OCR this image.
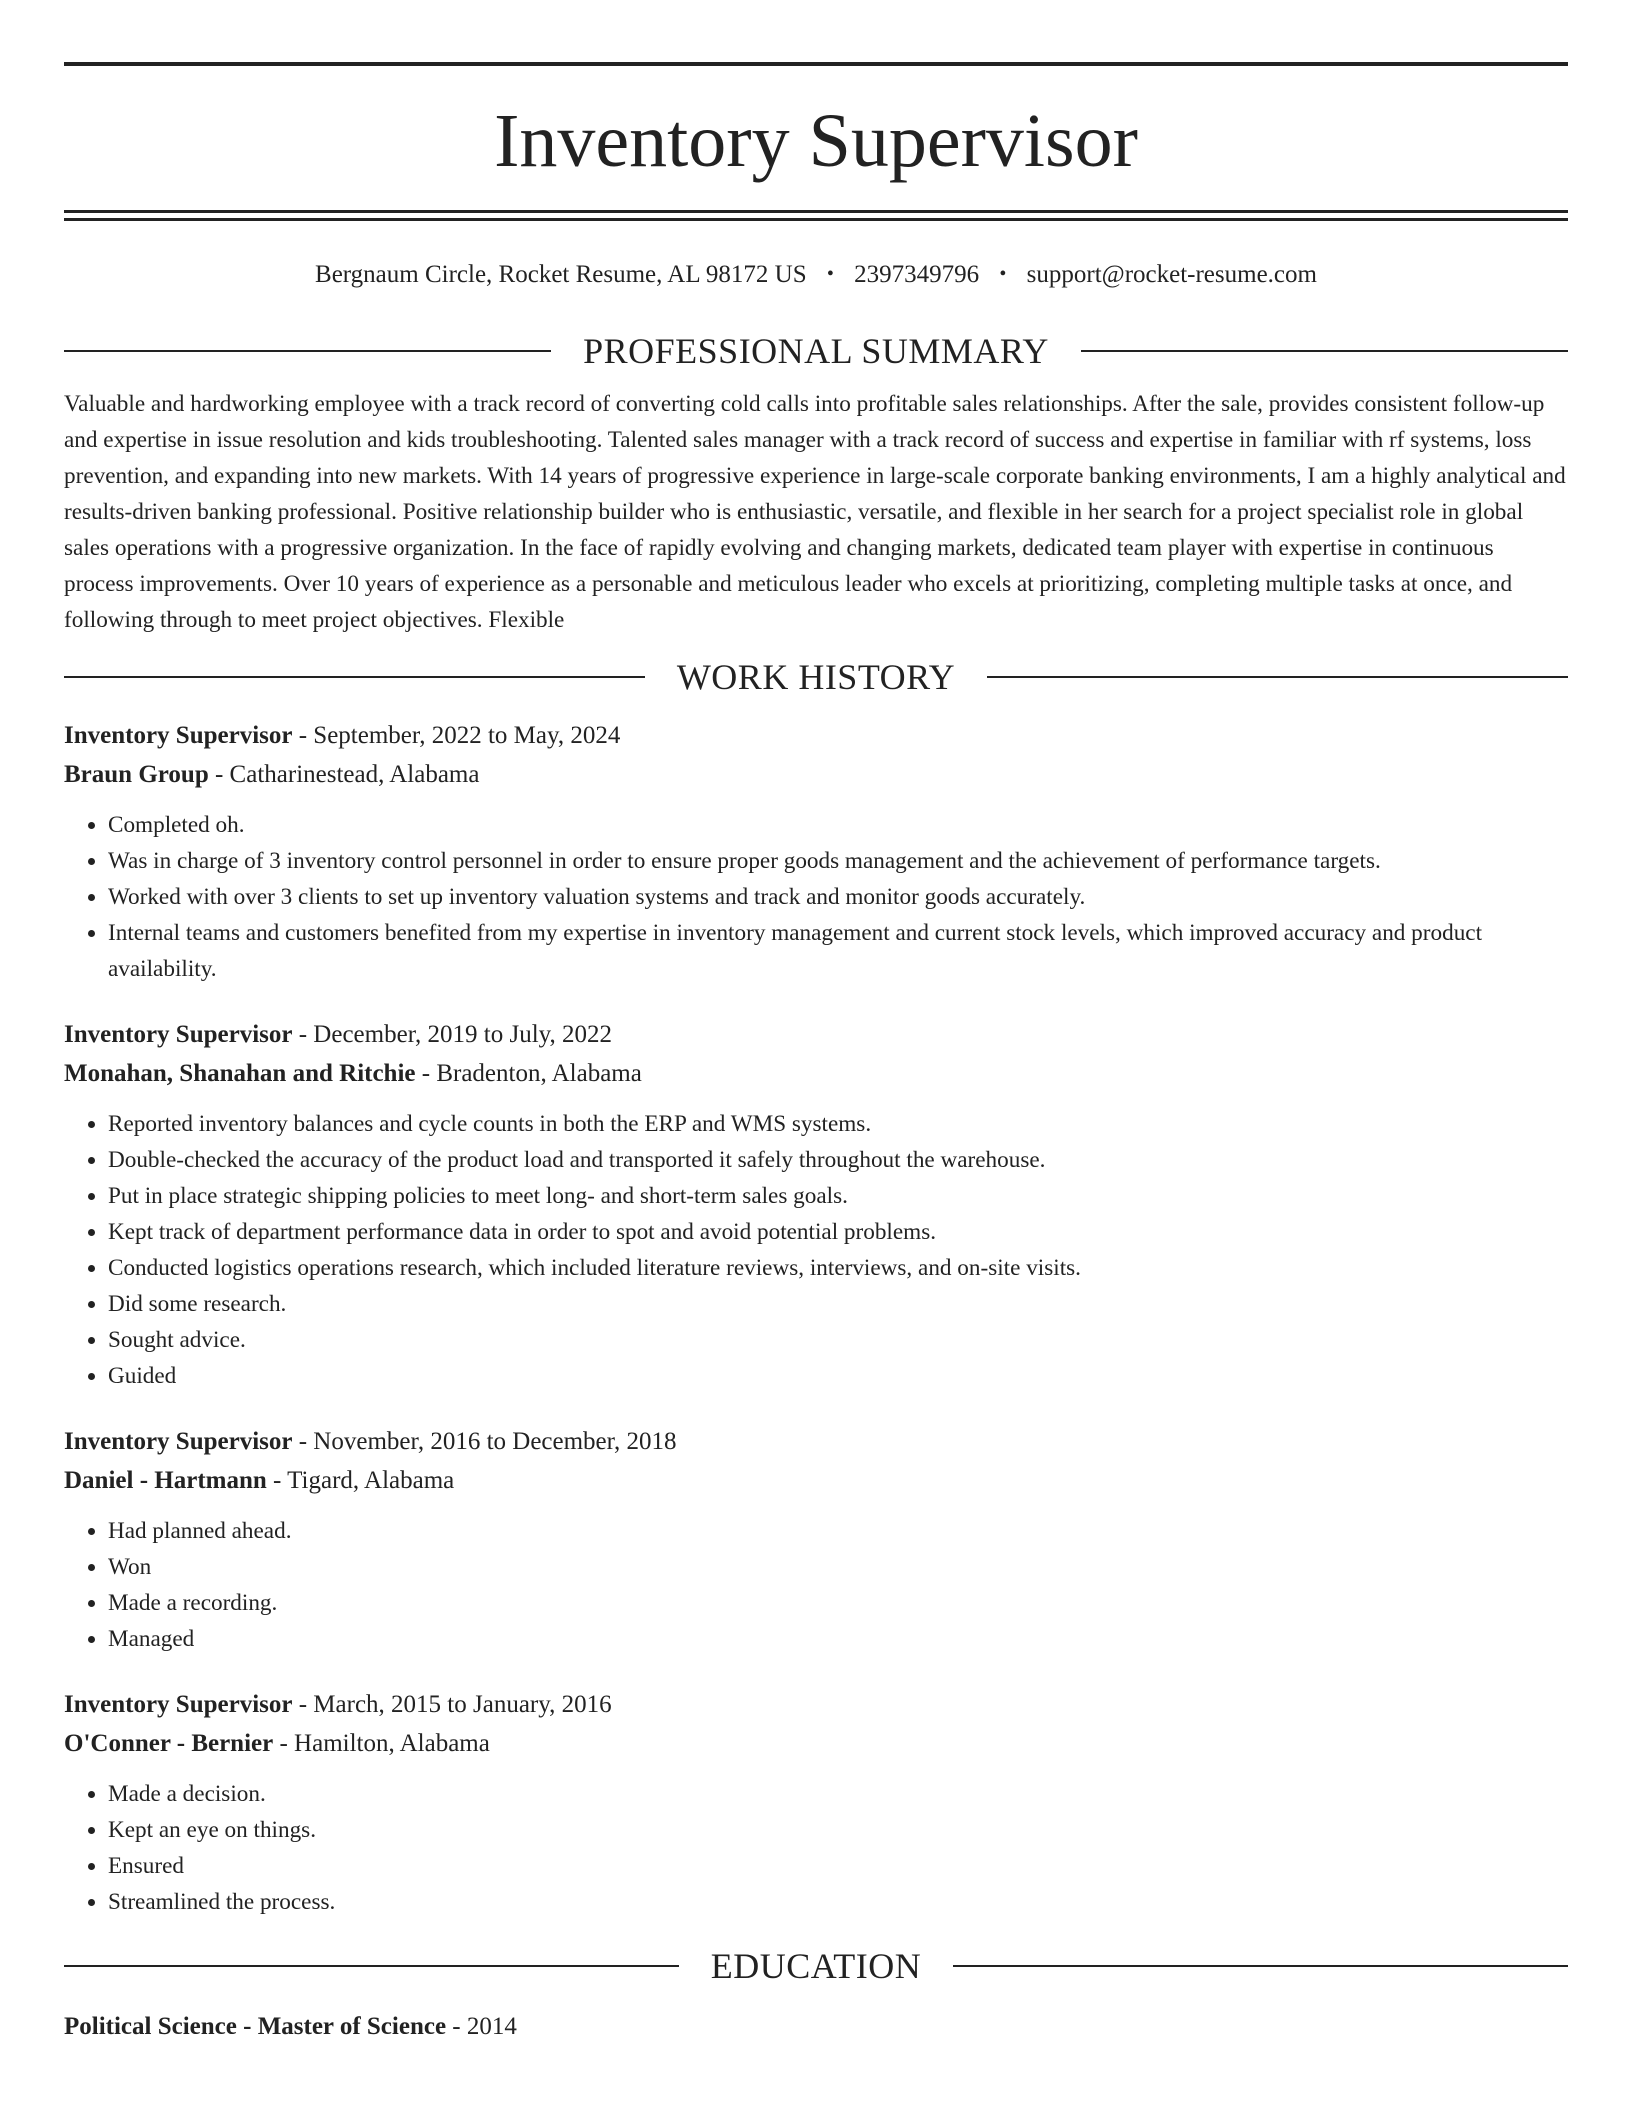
Inventory Supervisor
Bergnaum Circle, Rocket Resume, AL 98172 US • 2397349796 • support@rocket-resume.com
PROFESSIONAL SUMMARY
Valuable and hardworking employee with a track record of converting cold calls into profitable sales relationships. After the sale, provides consistent follow-up and expertise in issue resolution and kids troubleshooting. Talented sales manager with a track record of success and expertise in familiar with rf systems, loss prevention, and expanding into new markets. With 14 years of progressive experience in large-scale corporate banking environments, I am a highly analytical and results-driven banking professional. Positive relationship builder who is enthusiastic, versatile, and flexible in her search for a project specialist role in global sales operations with a progressive organization. In the face of rapidly evolving and changing markets, dedicated team player with expertise in continuous process improvements. Over 10 years of experience as a personable and meticulous leader who excels at prioritizing, completing multiple tasks at once, and following through to meet project objectives. Flexible
WORK HISTORY
Inventory Supervisor - September, 2022 to May, 2024
Braun Group - Catharinestead, Alabama
• Completed oh.
• Was in charge of 3 inventory control personnel in order to ensure proper goods management and the achievement of performance targets.
• Worked with over 3 clients to set up inventory valuation systems and track and monitor goods accurately.
• Internal teams and customers benefited from my expertise in inventory management and current stock levels, which improved accuracy and product availability.
Inventory Supervisor - December, 2019 to July, 2022
Monahan, Shanahan and Ritchie - Bradenton, Alabama
• Reported inventory balances and cycle counts in both the ERP and WMS systems.
• Double-checked the accuracy of the product load and transported it safely throughout the warehouse.
• Put in place strategic shipping policies to meet long- and short-term sales goals.
• Kept track of department performance data in order to spot and avoid potential problems.
• Conducted logistics operations research, which included literature reviews, interviews, and on-site visits.
• Did some research.
• Sought advice.
• Guided
Inventory Supervisor - November, 2016 to December, 2018
Daniel - Hartmann - Tigard, Alabama
• Had planned ahead.
• Won
• Made a recording.
• Managed
Inventory Supervisor - March, 2015 to January, 2016
O'Conner - Bernier - Hamilton, Alabama
• Made a decision.
• Kept an eye on things.
• Ensured
• Streamlined the process.
EDUCATION
Political Science - Master of Science - 2014
